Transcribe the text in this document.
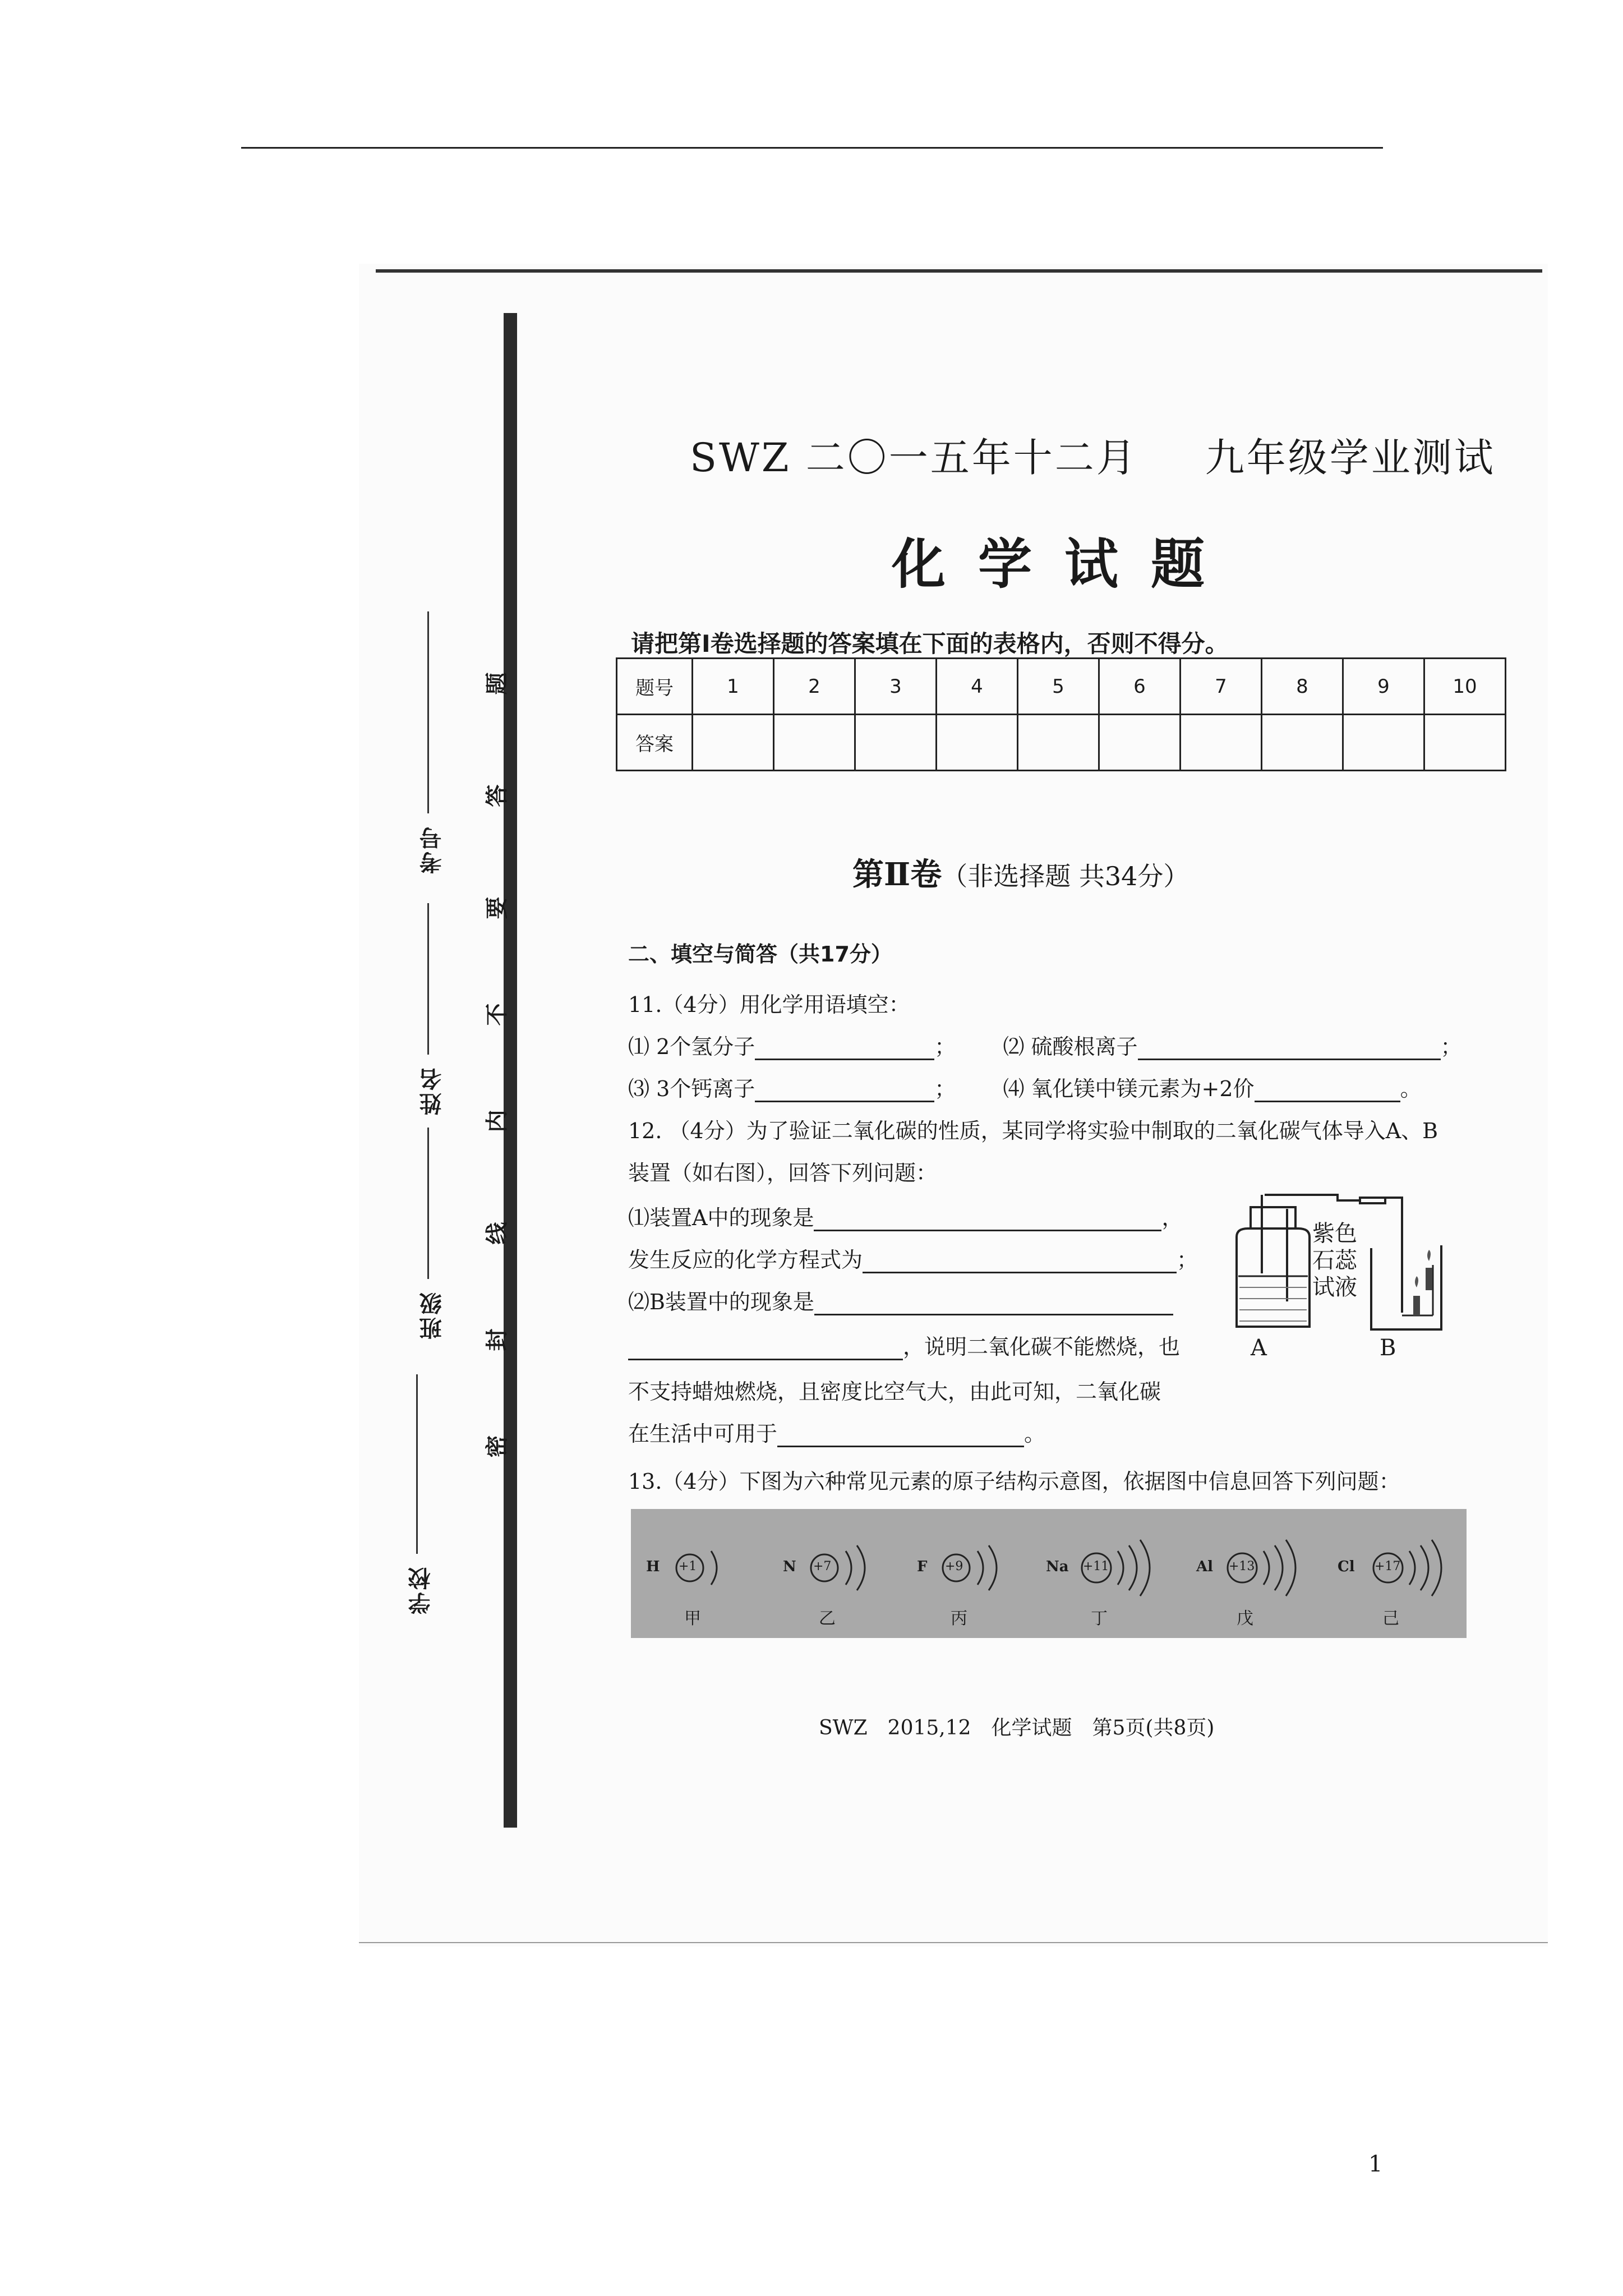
学校
班级
姓名
考号
密
封
线
内
不
要
答
题
SWZ 二〇一五年十二月 九年级学业测试
化学试题
请把第Ⅰ卷选择题的答案填在下面的表格内，否则不得分。
题号	1	2	3	4	5	6	7	8	9	10
答案										
第Ⅱ卷（非选择题 共34分）
二、填空与简答（共17分）
11.（4分）用化学用语填空：
⑴ 2个氢分子	；  ⑵ 硫酸根离子	；
⑶ 3个钙离子	；  ⑷ 氧化镁中镁元素为+2价	。
12. （4分）为了验证二氧化碳的性质，某同学将实验中制取的二氧化碳气体导入A、B
装置（如右图），回答下列问题：
⑴装置A中的现象是	，
发生反应的化学方程式为	；
⑵B装置中的现象是
，说明二氧化碳不能燃烧，也
不支持蜡烛燃烧，且密度比空气大，由此可知，二氧化碳
在生活中可用于	。
紫色
石蕊
试液
A	B
13.（4分）下图为六种常见元素的原子结构示意图，依据图中信息回答下列问题：
H +1
甲
N +7
乙
F +9
丙
Na +11
丁
Al +13
戊
Cl +17
己
SWZ　2015,12　化学试题　第5页(共8页)
1
